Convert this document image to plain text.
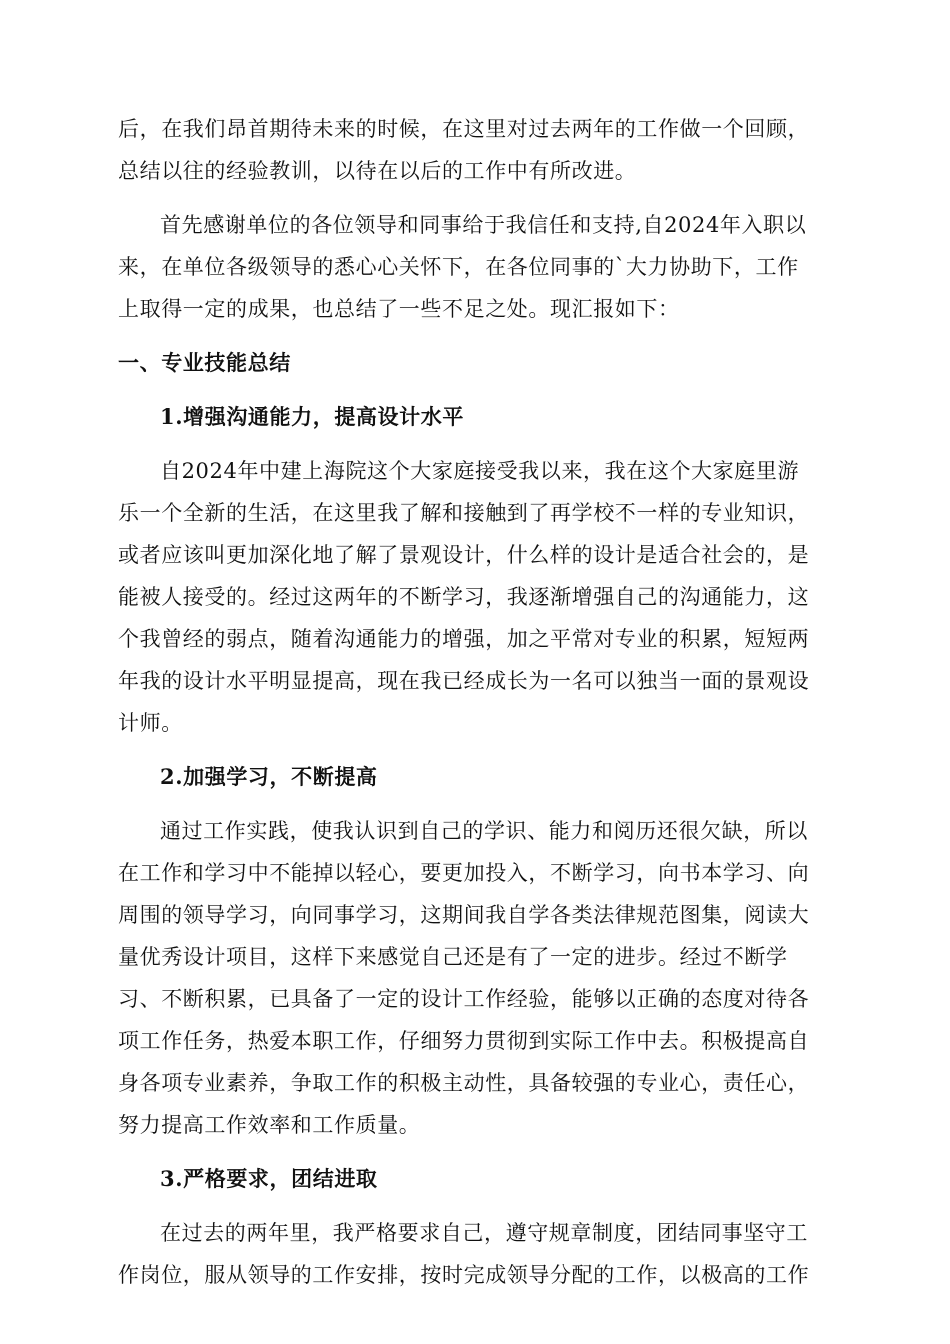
后，在我们昂首期待未来的时候，在这里对过去两年的工作做一个回顾，
总结以往的经验教训，以待在以后的工作中有所改进。

首先感谢单位的各位领导和同事给于我信任和支持,自2024年入职以
来，在单位各级领导的悉心心关怀下，在各位同事的`大力协助下，工作
上取得一定的成果，也总结了一些不足之处。现汇报如下：

一、专业技能总结
1.增强沟通能力，提高设计水平

自2024年中建上海院这个大家庭接受我以来，我在这个大家庭里游
乐一个全新的生活，在这里我了解和接触到了再学校不一样的专业知识，
或者应该叫更加深化地了解了景观设计，什么样的设计是适合社会的，是
能被人接受的。经过这两年的不断学习，我逐渐增强自己的沟通能力，这
个我曾经的弱点，随着沟通能力的增强，加之平常对专业的积累，短短两
年我的设计水平明显提高，现在我已经成长为一名可以独当一面的景观设
计师。

2.加强学习，不断提高

通过工作实践，使我认识到自己的学识、能力和阅历还很欠缺，所以
在工作和学习中不能掉以轻心，要更加投入，不断学习，向书本学习、向
周围的领导学习，向同事学习，这期间我自学各类法律规范图集，阅读大
量优秀设计项目，这样下来感觉自己还是有了一定的进步。经过不断学
习、不断积累，已具备了一定的设计工作经验，能够以正确的态度对待各
项工作任务，热爱本职工作，仔细努力贯彻到实际工作中去。积极提高自
身各项专业素养，争取工作的积极主动性，具备较强的专业心，责任心，
努力提高工作效率和工作质量。

3.严格要求，团结进取

在过去的两年里，我严格要求自己，遵守规章制度，团结同事坚守工
作岗位，服从领导的工作安排，按时完成领导分配的工作，以极高的工作
